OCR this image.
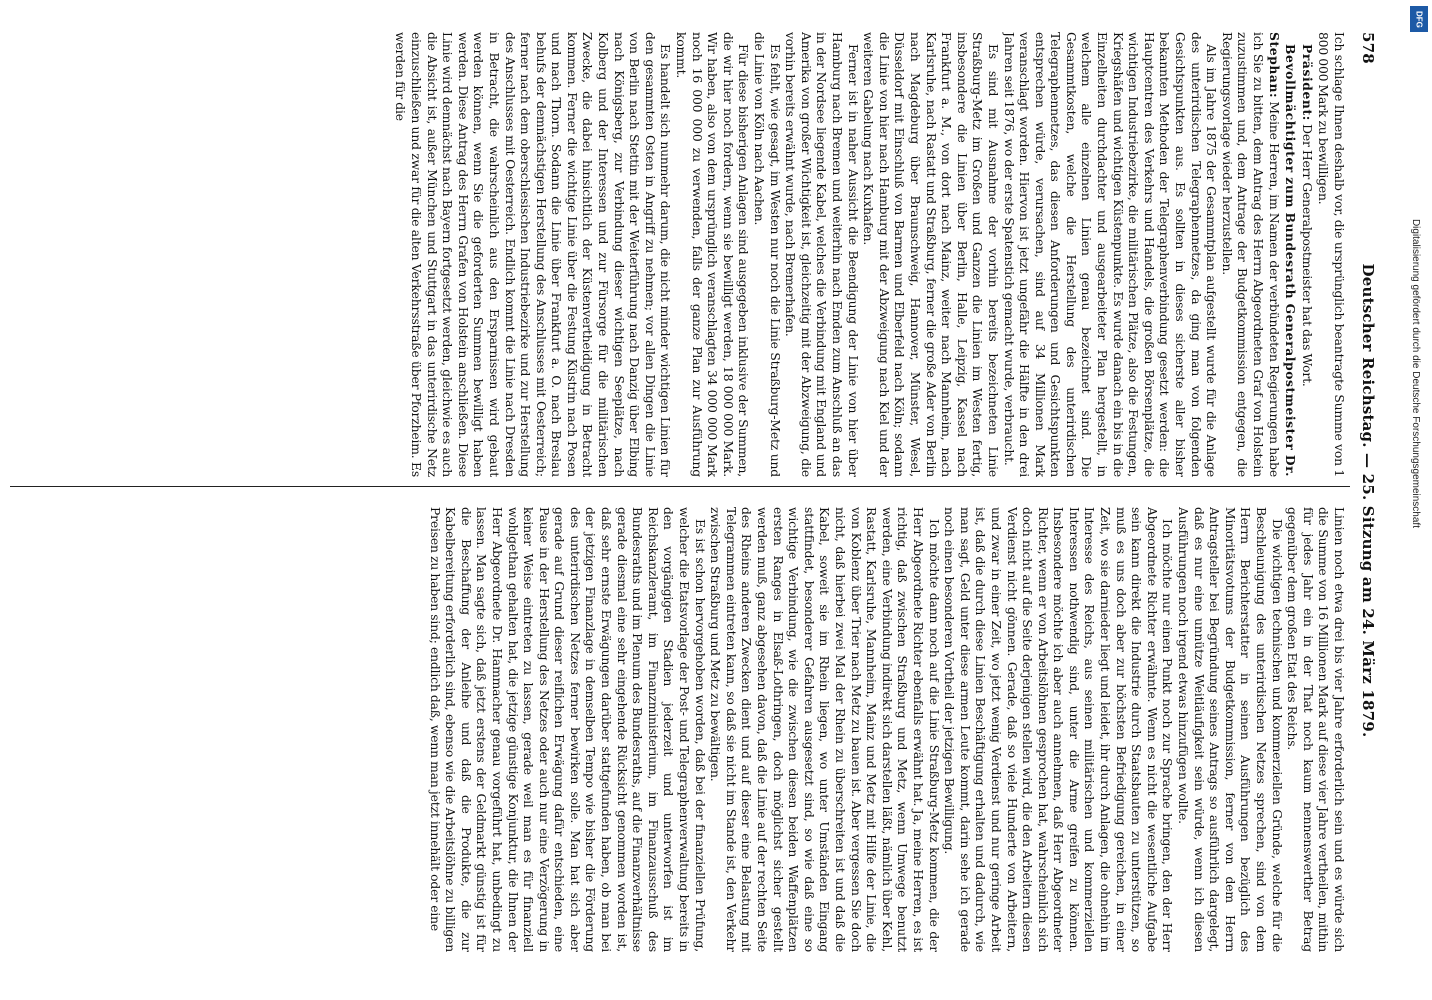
578
Deutscher Reichstag. — 25. Sitzung am 24. März 1879.

Ich schlage Ihnen deshalb vor, die ursprünglich beantragte Summe von 1 800 000 Mark zu bewilligen.

Präsident: Der Herr Generalpostmeister hat das Wort.

Bevollmächtigter zum Bundesrath Generalpostmeister Dr. Stephan: Meine Herren, im Namen der verbündeten Regierungen habe ich Sie zu bitten, dem Antrag des Herrn Abgeordneten Graf von Holstein zuzustimmen und, dem Antrage der Budgetkommission entgegen, die Regierungsvorlage wieder herzustellen.

Als im Jahre 1875 der Gesammtplan aufgestellt wurde für die Anlage des unterirdischen Telegraphennetzes, da ging man von folgenden Gesichtspunkten aus. Es sollten in dieses sicherste aller bisher bekannten Methoden der Telegraphenverbindung gesetzt werden: die Hauptcentren des Verkehrs und Handels, die großen Börsenplätze, die wichtigen Industriebezirke, die militärischen Plätze, also die Festungen, Kriegshäfen und wichtigen Küstenpunkte. Es wurde danach ein bis in die Einzelheiten durchdachter und ausgearbeiteter Plan hergestellt, in welchem alle einzelnen Linien genau bezeichnet sind. Die Gesammtkosten, welche die Herstellung des unterirdischen Telegraphennetzes, das diesen Anforderungen und Gesichtspunkten entsprechen würde, verursachen, sind auf 34 Millionen Mark veranschlagt worden. Hiervon ist jetzt ungefähr die Hälfte in den drei Jahren seit 1876, wo der erste Spatenstich gemacht wurde, verbraucht.

Es sind mit Ausnahme der vorhin bereits bezeichneten Linie Straßburg-Metz im Großen und Ganzen die Linien im Westen fertig, insbesondere die Linien über Berlin, Halle, Leipzig, Kassel nach Frankfurt a. M., von dort nach Mainz, weiter nach Mannheim, nach Karlsruhe, nach Rastatt und Straßburg, ferner die große Ader von Berlin nach Magdeburg über Braunschweig, Hannover, Münster, Wesel, Düsseldorf mit Einschluß von Barmen und Elberfeld nach Köln; sodann die Linie von hier nach Hamburg mit der Abzweigung nach Kiel und der weiteren Gabelung nach Kuxhafen.

Ferner ist in naher Aussicht die Beendigung der Linie von hier über Hamburg nach Bremen und weiterhin nach Emden zum Anschluß an das in der Nordsee liegende Kabel, welches die Verbindung mit England und Amerika von großer Wichtigkeit ist, gleichzeitig mit der Abzweigung, die vorhin bereits erwähnt wurde, nach Bremerhafen.

Es fehlt, wie gesagt, im Westen nur noch die Linie Straßburg-Metz und die Linie von Köln nach Aachen.

Für diese bisherigen Anlagen sind ausgegeben inklusive der Summen, die wir hier noch fordern, wenn sie bewilligt werden, 18 000 000 Mark. Wir haben, also von dem ursprünglich veranschlagten 34 000 000 Mark noch 16 000 000 zu verwenden, falls der ganze Plan zur Ausführung kommt.

Es handelt sich nunmehr darum, die nicht minder wichtigen Linien für den gesammten Osten in Angriff zu nehmen; vor allen Dingen die Linie von Berlin nach Stettin mit der Weiterführung nach Danzig über Elbing nach Königsberg, zur Verbindung dieser wichtigen Seeplätze, nach Kolberg und der Interessen und zur Fürsorge für die militärischen Zwecke, die dabei hinsichtlich der Küstenvertheidigung in Betracht kommen. Ferner die wichtige Linie über die Festung Küstrin nach Posen und nach Thorn. Sodann die Linie über Frankfurt a. O. nach Breslau behufs der demnächstigen Herstellung des Anschlusses mit Oesterreich; ferner nach dem oberschlesischen Industriebezirke und zur Herstellung des Anschlusses mit Oesterreich. Endlich kommt die Linie nach Dresden in Betracht, die wahrscheinlich aus den Ersparnissen wird gebaut werden können, wenn Sie die geforderten Summen bewilligt haben werden. Diese Antrag des Herrn Grafen von Holstein anschließen. Diese Linie wird demnächst nach Bayern fortgesetzt werden, gleichwie es auch die Absicht ist, außer München und Stuttgart in das unterirdische Netz einzuschließen und zwar für die alten Verkehrsstraße über Pforzheim. Es werden für die

Linien noch etwa drei bis vier Jahre erforderlich sein und es würde sich die Summe von 16 Millionen Mark auf diese vier Jahre vertheilen, mithin für jedes Jahr ein in der That noch kaum nennenswerther Betrag gegenüber dem großen Etat des Reichs.

Die wichtigen technischen und kommerziellen Gründe, welche für die Beschleunigung des unterirdischen Netzes sprechen, sind von dem Herrn Berichterstatter in seinen Ausführungen bezüglich des Minoritätsvotums der Budgetkommission, ferner von dem Herrn Antragsteller bei Begründung seines Antrags so ausführlich dargelegt, daß es nur eine unnütze Weitläufigkeit sein würde, wenn ich diesen Ausführungen noch irgend etwas hinzufügen wollte.

Ich möchte nur einen Punkt noch zur Sprache bringen, den der Herr Abgeordnete Richter erwähnte. Wenn es nicht die wesentliche Aufgabe sein kann direkt die Industrie durch Staatsbauten zu unterstützen, so muß es uns doch aber zur höchsten Befriedigung gereichen, in einer Zeit, wo sie darnieder liegt und leidet, ihr durch Anlagen, die ohnehin im Interesse des Reichs, aus seinen militärischen und kommerziellen Interessen nothwendig sind, unter die Arme greifen zu können. Insbesondere möchte ich aber auch annehmen, daß Herr Abgeordneter Richter, wenn er von Arbeitslöhnen gesprochen hat, wahrscheinlich sich doch nicht auf die Seite derjenigen stellen wird, die den Arbeitern diesen Verdienst nicht gönnen. Gerade, daß so viele Hunderte von Arbeitern, und zwar in einer Zeit, wo jetzt wenig Verdienst und nur geringe Arbeit ist, daß die durch diese Linien Beschäftigung erhalten und dadurch, wie man sagt, Geld unter diese armen Leute kommt, darin sehe ich gerade noch einen besonderen Vortheil der jetzigen Bewilligung.

Ich möchte dann noch auf die Linie Straßburg-Metz kommen, die der Herr Abgeordnete Richter ebenfalls erwähnt hat. Ja, meine Herren, es ist richtig, daß zwischen Straßburg und Metz, wenn Umwege benutzt werden, eine Verbindung indirekt sich darstellen läßt, nämlich über Kehl, Rastatt, Karlsruhe, Mannheim, Mainz und Metz mit Hilfe der Linie, die von Koblenz über Trier nach Metz zu bauen ist. Aber vergessen Sie doch nicht, daß hierbei zwei Mal der Rhein zu überschreiten ist und daß die Kabel, soweit sie im Rhein liegen, wo unter Umständen Eingang stattfindet, besonderer Gefahren ausgesetzt sind, so wie daß eine so wichtige Verbindung, wie die zwischen diesen beiden Waffenplätzen ersten Ranges in Elsaß-Lothringen, doch möglichst sicher gestellt werden muß, ganz abgesehen davon, daß die Linie auf der rechten Seite des Rheins anderen Zwecken dient und auf dieser eine Belastung mit Telegrammen eintreten kann, so daß sie nicht im Stande ist, den Verkehr zwischen Straßburg und Metz zu bewältigen.

Es ist schon hervorgehoben worden, daß bei der finanziellen Prüfung, welcher die Etatsvorlage der Post- und Telegraphenverwaltung bereits in den vorgängigen Stadien jederzeit und unterworfen ist im Reichskanzleramt, im Finanzministerium, im Finanzausschuß des Bundesraths und im Plenum des Bundesraths, auf die Finanzverhältnisse gerade diesmal eine sehr eingehende Rücksicht genommen worden ist, daß sehr ernste Erwägungen darüber stattgefunden haben, ob man bei der jetzigen Finanzlage in demselben Tempo wie bisher die Förderung des unterirdischen Netzes ferner bewirken solle. Man hat sich aber gerade auf Grund dieser reiflichen Erwägung dafür entschieden, eine Pause in der Herstellung des Netzes oder auch nur eine Verzögerung in keiner Weise eintreten zu lassen, gerade weil man es für finanziell wohlgethan gehalten hat, die jetzige günstige Konjunktur, die Ihnen der Herr Abgeordnete Dr. Hammacher genau vorgeführt hat, unbedingt zu lassen. Man sagte sich, daß jetzt erstens der Geldmarkt günstig ist für die Beschaffung der Anleihe und daß die Produkte, die zur Kabelbereitung erforderlich sind, ebenso wie die Arbeitslöhne zu billigen Preisen zu haben sind; endlich daß, wenn man jetzt innehält oder eine

Digitalisierung gefördert durch die Deutsche Forschungsgemeinschaft
DFG
